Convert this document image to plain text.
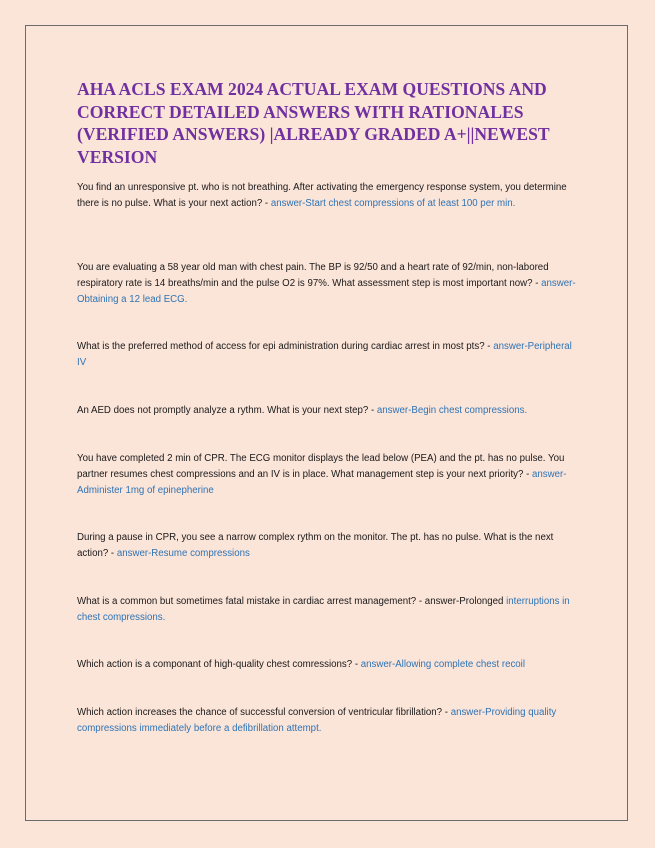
AHA ACLS EXAM 2024 ACTUAL EXAM QUESTIONS AND CORRECT DETAILED ANSWERS WITH RATIONALES (VERIFIED ANSWERS) |ALREADY GRADED A+||NEWEST VERSION

You find an unresponsive pt. who is not breathing. After activating the emergency response system, you determine there is no pulse. What is your next action? - answer-Start chest compressions of at least 100 per min.

You are evaluating a 58 year old man with chest pain. The BP is 92/50 and a heart rate of 92/min, non-labored respiratory rate is 14 breaths/min and the pulse O2 is 97%. What assessment step is most important now? - answer-Obtaining a 12 lead ECG.

What is the preferred method of access for epi administration during cardiac arrest in most pts? - answer-Peripheral IV

An AED does not promptly analyze a rythm. What is your next step? - answer-Begin chest compressions.

You have completed 2 min of CPR. The ECG monitor displays the lead below (PEA) and the pt. has no pulse. You partner resumes chest compressions and an IV is in place. What management step is your next priority? - answer-Administer 1mg of epinepherine

During a pause in CPR, you see a narrow complex rythm on the monitor. The pt. has no pulse. What is the next action? - answer-Resume compressions

What is a common but sometimes fatal mistake in cardiac arrest management? - answer-Prolonged interruptions in chest compressions.

Which action is a componant of high-quality chest comressions? - answer-Allowing complete chest recoil

Which action increases the chance of successful conversion of ventricular fibrillation? - answer-Providing quality compressions immediately before a defibrillation attempt.
